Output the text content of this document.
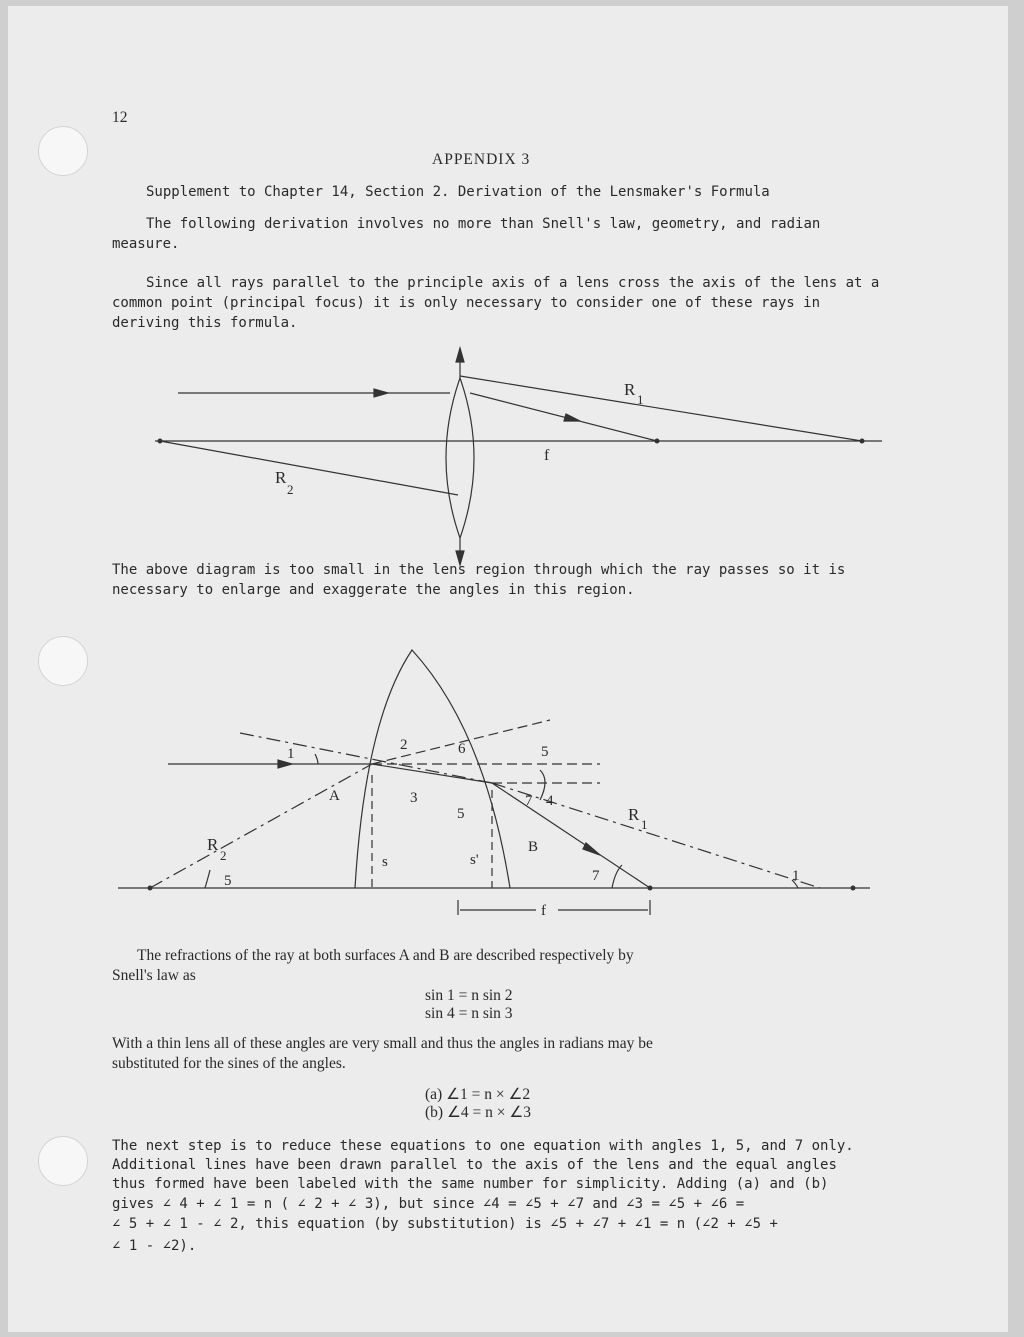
12
APPENDIX 3
Supplement to Chapter 14, Section 2. Derivation of the Lensmaker's Formula
The following derivation involves no more than Snell's law, geometry, and radian
measure.
Since all rays parallel to the principle axis of a lens cross the axis of the lens at a
common point (principal focus) it is only necessary to consider one of these rays in
deriving this formula.
R
1
R
2
f
The above diagram is too small in the lens region through which the ray passes so it is
necessary to enlarge and exaggerate the angles in this region.
1
2	6	5
3
5
7 4
5	7	1
A
B
s	s'
f
R
1
R
2
The refractions of the ray at both surfaces A and B are described respectively by
Snell's law as
sin 1 = n sin 2
sin 4 = n sin 3
With a thin lens all of these angles are very small and thus the angles in radians may be
substituted for the sines of the angles.
(a) ∠1 = n × ∠2
(b) ∠4 = n × ∠3
The next step is to reduce these equations to one equation with angles 1, 5, and 7 only.
Additional lines have been drawn parallel to the axis of the lens and the equal angles
thus formed have been labeled with the same number for simplicity. Adding (a) and (b)
gives ∠ 4 + ∠ 1 = n ( ∠ 2 + ∠ 3), but since ∠4 = ∠5 + ∠7 and ∠3 = ∠5 + ∠6 =
∠ 5 + ∠ 1 - ∠ 2, this equation (by substitution) is ∠5 + ∠7 + ∠1 = n (∠2 + ∠5 +
∠ 1 - ∠2).
